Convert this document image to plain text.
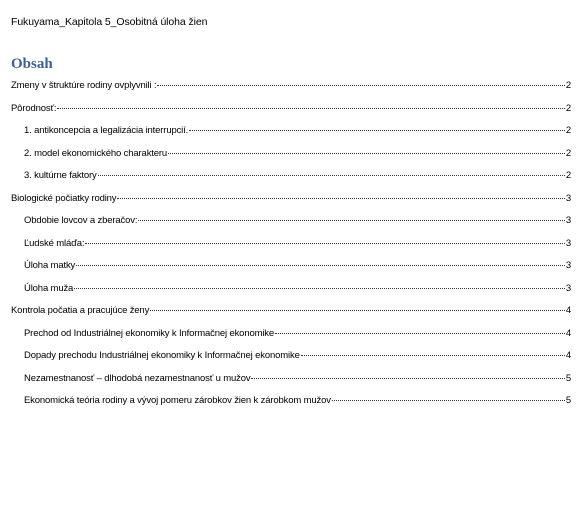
Fukuyama_Kapitola 5_Osobitná úloha žien
Obsah
Zmeny v štruktúre rodiny ovplyvnili :	2
Pôrodnosť:	2
1. antikoncepcia a legalizácia interrupcií.	2
2. model ekonomického charakteru	2
3. kultúrne faktory	2
Biologické počiatky rodiny	3
Obdobie lovcov a zberačov:	3
Ľudské mláďa:	3
Úloha matky	3
Úloha muža	3
Kontrola počatia a pracujúce ženy	4
Prechod od Industriálnej ekonomiky k Informačnej ekonomike	4
Dopady prechodu Industriálnej ekonomiky k Informačnej ekonomike	4
Nezamestnanosť – dlhodobá nezamestnanosť u mužov	5
Ekonomická teória rodiny a vývoj pomeru zárobkov žien k zárobkom mužov	5
